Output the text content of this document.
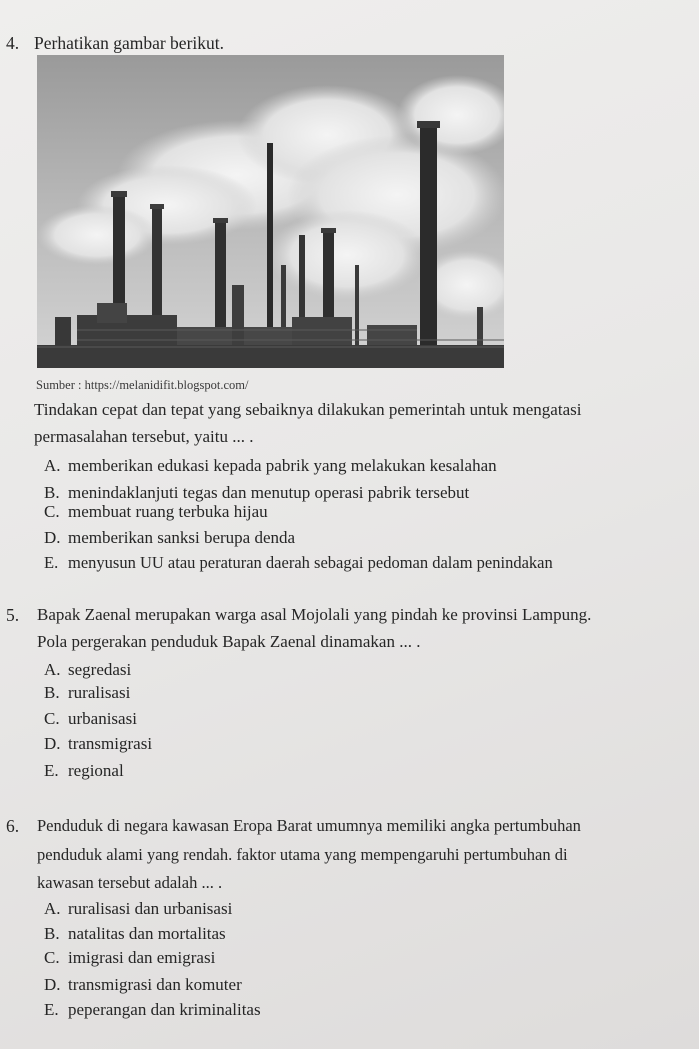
4. Perhatikan gambar berikut.
Sumber : https://melanidifit.blogspot.com/
Tindakan cepat dan tepat yang sebaiknya dilakukan pemerintah untuk mengatasi
permasalahan tersebut, yaitu ... .
A. memberikan edukasi kepada pabrik yang melakukan kesalahan
B. menindaklanjuti tegas dan menutup operasi pabrik tersebut
C. membuat ruang terbuka hijau
D. memberikan sanksi berupa denda
E. menyusun UU atau peraturan daerah sebagai pedoman dalam penindakan
5. Bapak Zaenal merupakan warga asal Mojolali yang pindah ke provinsi Lampung.
Pola pergerakan penduduk Bapak Zaenal dinamakan ... .
A. segredasi
B. ruralisasi
C. urbanisasi
D. transmigrasi
E. regional
6. Penduduk di negara kawasan Eropa Barat umumnya memiliki angka pertumbuhan
penduduk alami yang rendah. faktor utama yang mempengaruhi pertumbuhan di
kawasan tersebut adalah ... .
A. ruralisasi dan urbanisasi
B. natalitas dan mortalitas
C. imigrasi dan emigrasi
D. transmigrasi dan komuter
E. peperangan dan kriminalitas
